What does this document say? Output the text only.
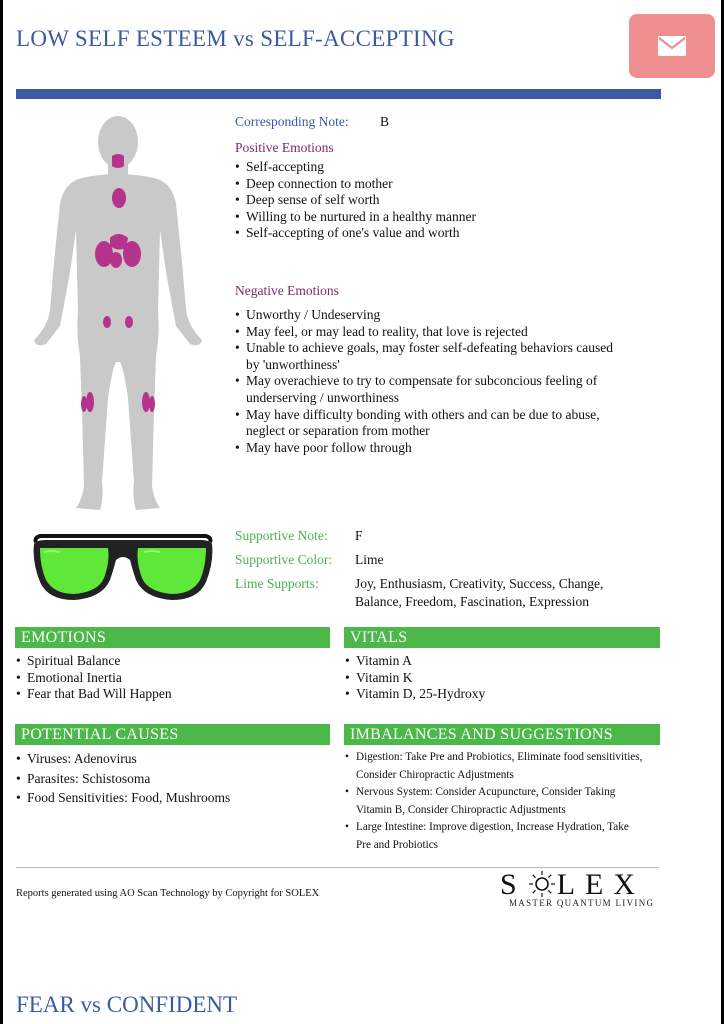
LOW SELF ESTEEM vs SELF-ACCEPTING
Corresponding Note: B
Positive Emotions
• Self-accepting
• Deep connection to mother
• Deep sense of self worth
• Willing to be nurtured in a healthy manner
• Self-accepting of one's value and worth
Negative Emotions
• Unworthy / Undeserving
• May feel, or may lead to reality, that love is rejected
• Unable to achieve goals, may foster self-defeating behaviors caused
by 'unworthiness'
• May overachieve to try to compensate for subconcious feeling of
underserving / unworthiness
• May have difficulty bonding with others and can be due to abuse,
neglect or separation from mother
• May have poor follow through
Supportive Note: F
Supportive Color: Lime
Lime Supports:	Joy, Enthusiasm, Creativity, Success, Change,
Balance, Freedom, Fascination, Expression
EMOTIONS
• Spiritual Balance
• Emotional Inertia
• Fear that Bad Will Happen
VITALS
• Vitamin A
• Vitamin K
• Vitamin D, 25-Hydroxy
POTENTIAL CAUSES
• Viruses: Adenovirus
• Parasites: Schistosoma
• Food Sensitivities: Food, Mushrooms
IMBALANCES AND SUGGESTIONS
• Digestion: Take Pre and Probiotics, Eliminate food sensitivities,
Consider Chiropractic Adjustments
• Nervous System: Consider Acupuncture, Consider Taking
Vitamin B, Consider Chiropractic Adjustments
• Large Intestine: Improve digestion, Increase Hydration, Take
Pre and Probiotics
Reports generated using AO Scan Technology by Copyright for SOLEX	S LEX
MASTER QUANTUM LIVING
FEAR vs CONFIDENT
